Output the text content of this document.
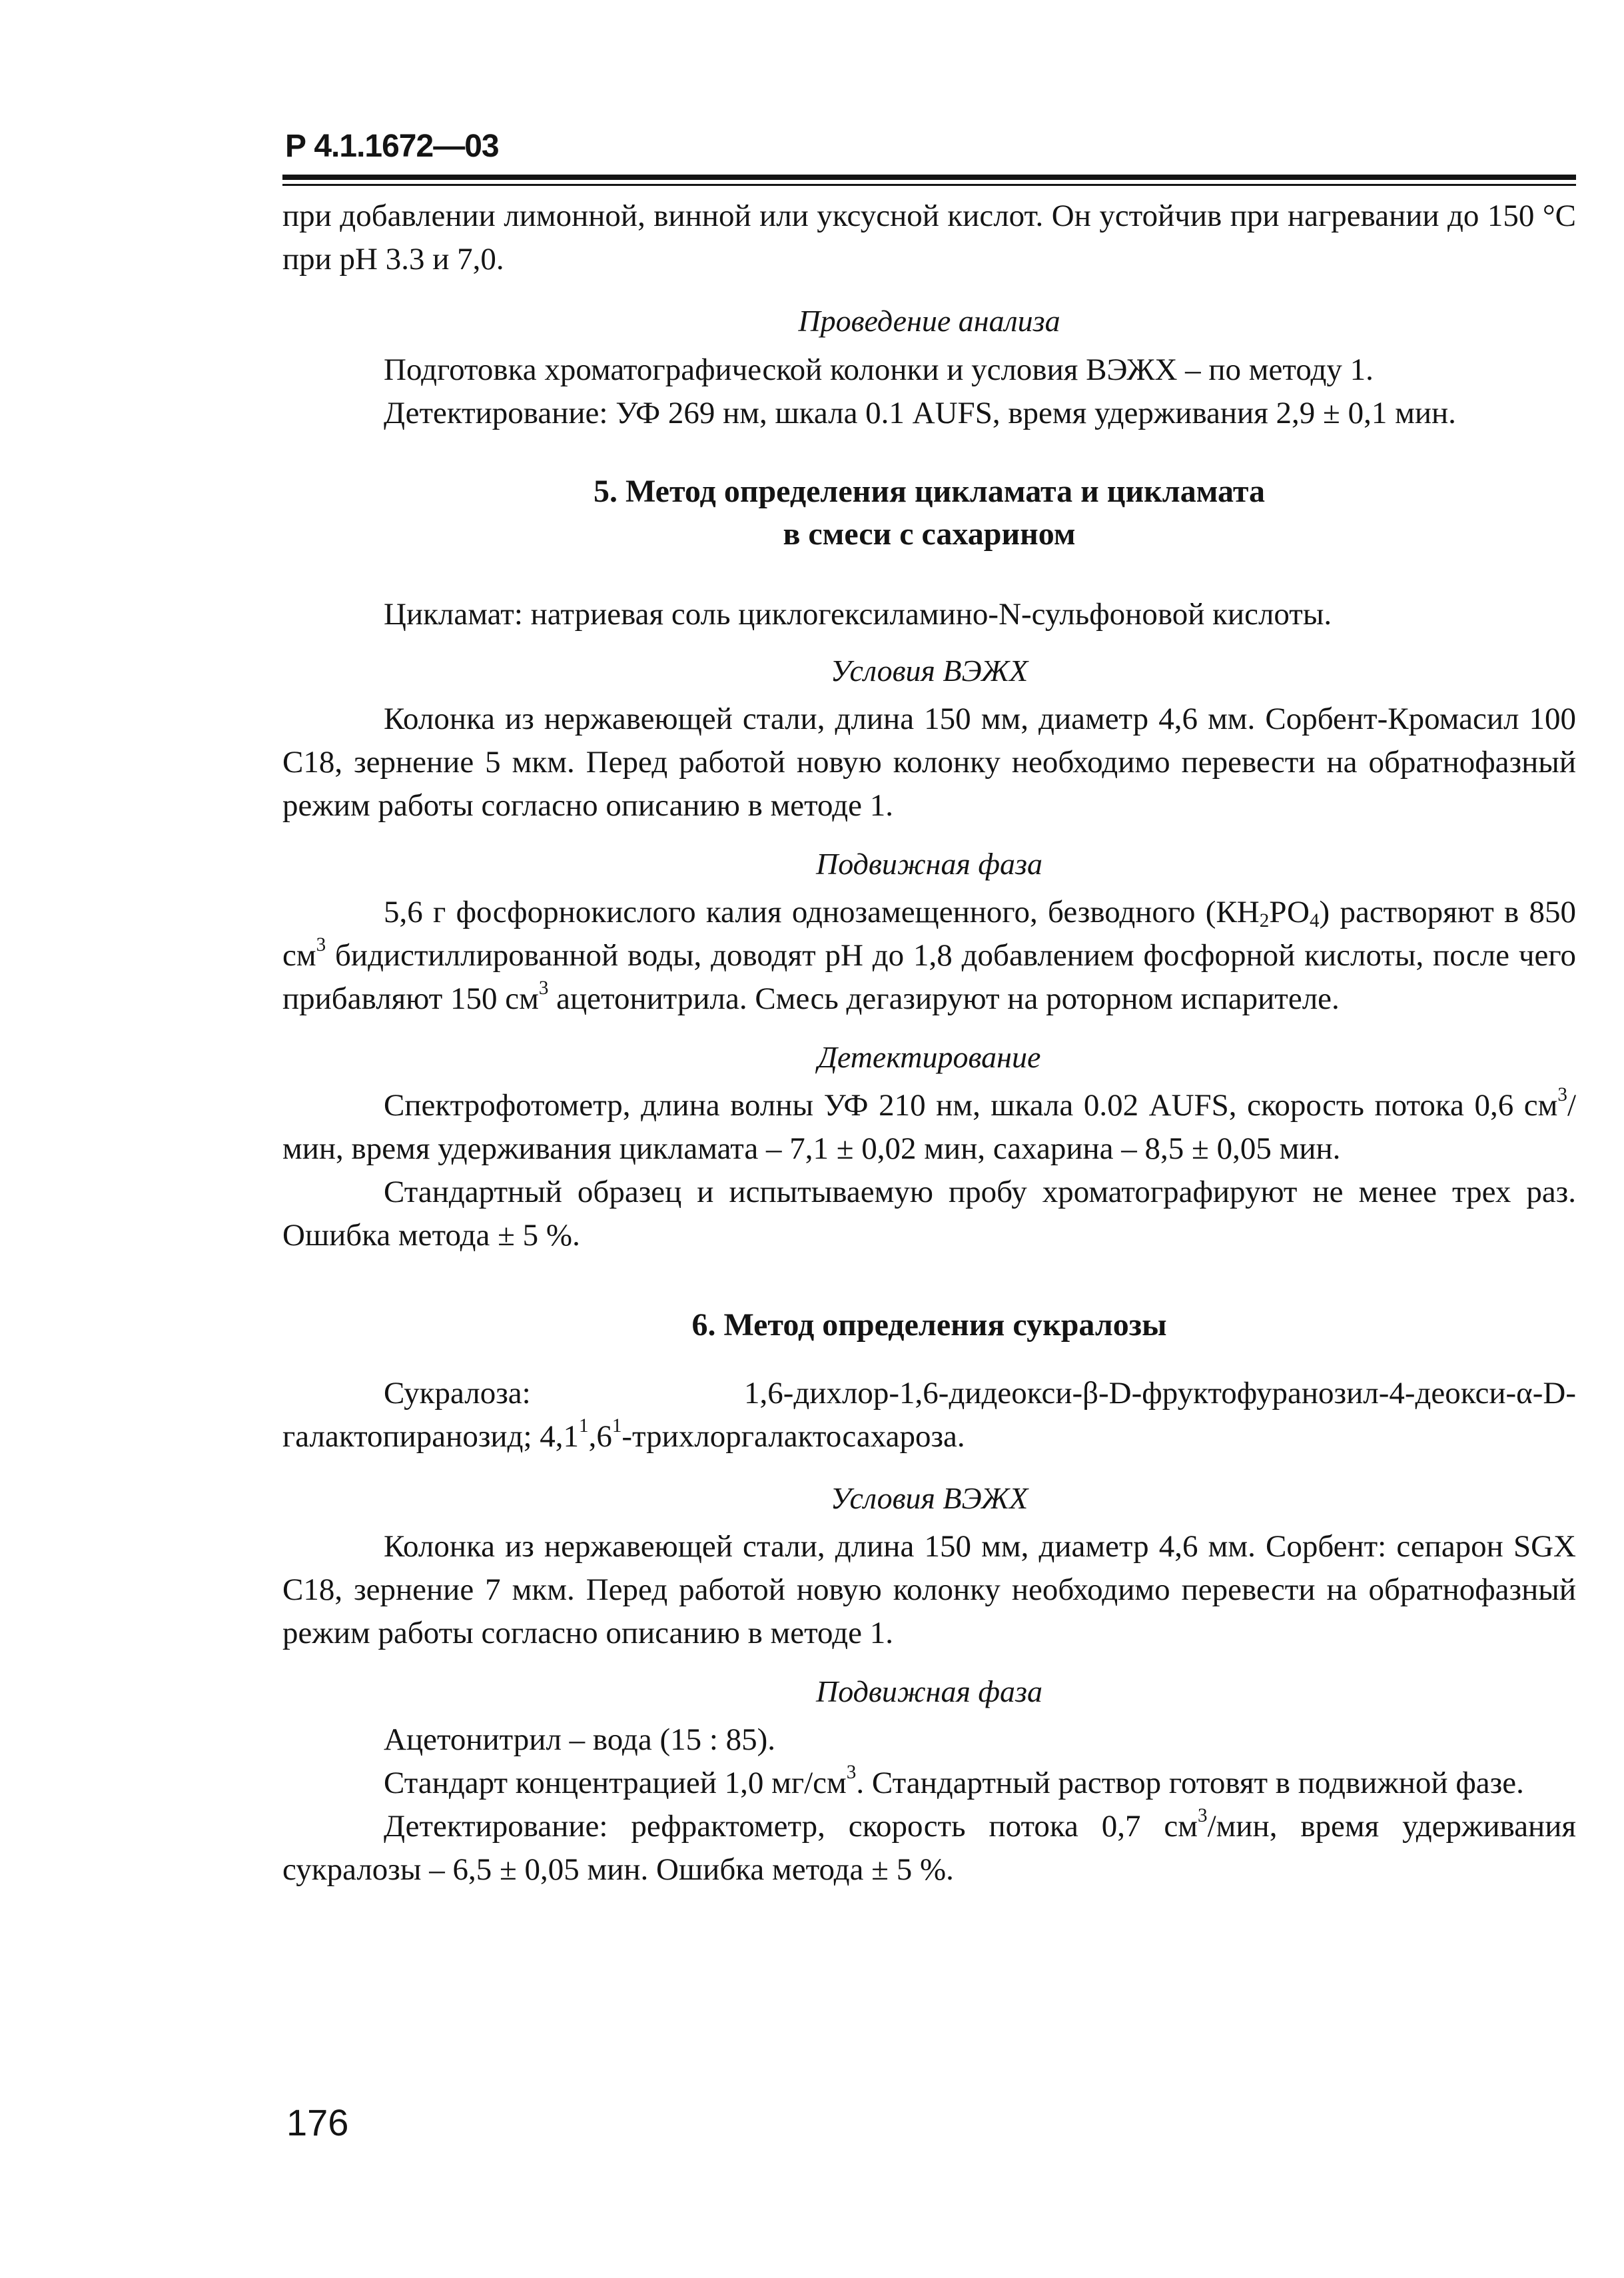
Р 4.1.1672—03

при добавлении лимонной, винной или уксусной кислот. Он устойчив при нагревании до 150 °С при рН 3.3 и 7,0.

Проведение анализа

Подготовка хроматографической колонки и условия ВЭЖХ – по методу 1.

Детектирование: УФ 269 нм, шкала 0.1 AUFS, время удерживания 2,9 ± 0,1 мин.

5. Метод определения цикламата и цикламата

в смеси с сахарином

Цикламат: натриевая соль циклогексиламино-N-сульфоновой кислоты.

Условия ВЭЖХ

Колонка из нержавеющей стали, длина 150 мм, диаметр 4,6 мм. Сорбент-Кромасил 100 С18, зернение 5 мкм. Перед работой новую колонку необходимо перевести на обратнофазный режим работы согласно описанию в методе 1.

Подвижная фаза

5,6 г фосфорнокислого калия однозамещенного, безводного $(КН_2РО_4)$ растворяют в 850 $см^3$ бидистиллированной воды, доводят рН до 1,8 добавлением фосфорной кислоты, после чего прибавляют 150 $см^3$ ацетонитрила. Смесь дегазируют на роторном испарителе.

Детектирование

Спектрофотометр, длина волны УФ 210 нм, шкала 0.02 AUFS, скорость потока 0,6 $см^3$/мин, время удерживания цикламата – 7,1 ± 0,02 мин, сахарина – 8,5 ± 0,05 мин.

Стандартный образец и испытываемую пробу хроматографируют не менее трех раз. Ошибка метода ± 5 %.

6. Метод определения сукралозы

Сукралоза: 1,6-дихлор-1,6-дидеокси-β-D-фруктофуранозил-4-деокси-α-D-галактопиранозид; $4,1^1,6^1$-трихлоргалактосахароза.

Условия ВЭЖХ

Колонка из нержавеющей стали, длина 150 мм, диаметр 4,6 мм. Сорбент: сепарон SGX С18, зернение 7 мкм. Перед работой новую колонку необходимо перевести на обратнофазный режим работы согласно описанию в методе 1.

Подвижная фаза

Ацетонитрил – вода (15 : 85).

Стандарт концентрацией 1,0 $мг/см^3$. Стандартный раствор готовят в подвижной фазе.

Детектирование: рефрактометр, скорость потока 0,7 $см^3$/мин, время удерживания сукралозы – 6,5 ± 0,05 мин. Ошибка метода ± 5 %.

176
